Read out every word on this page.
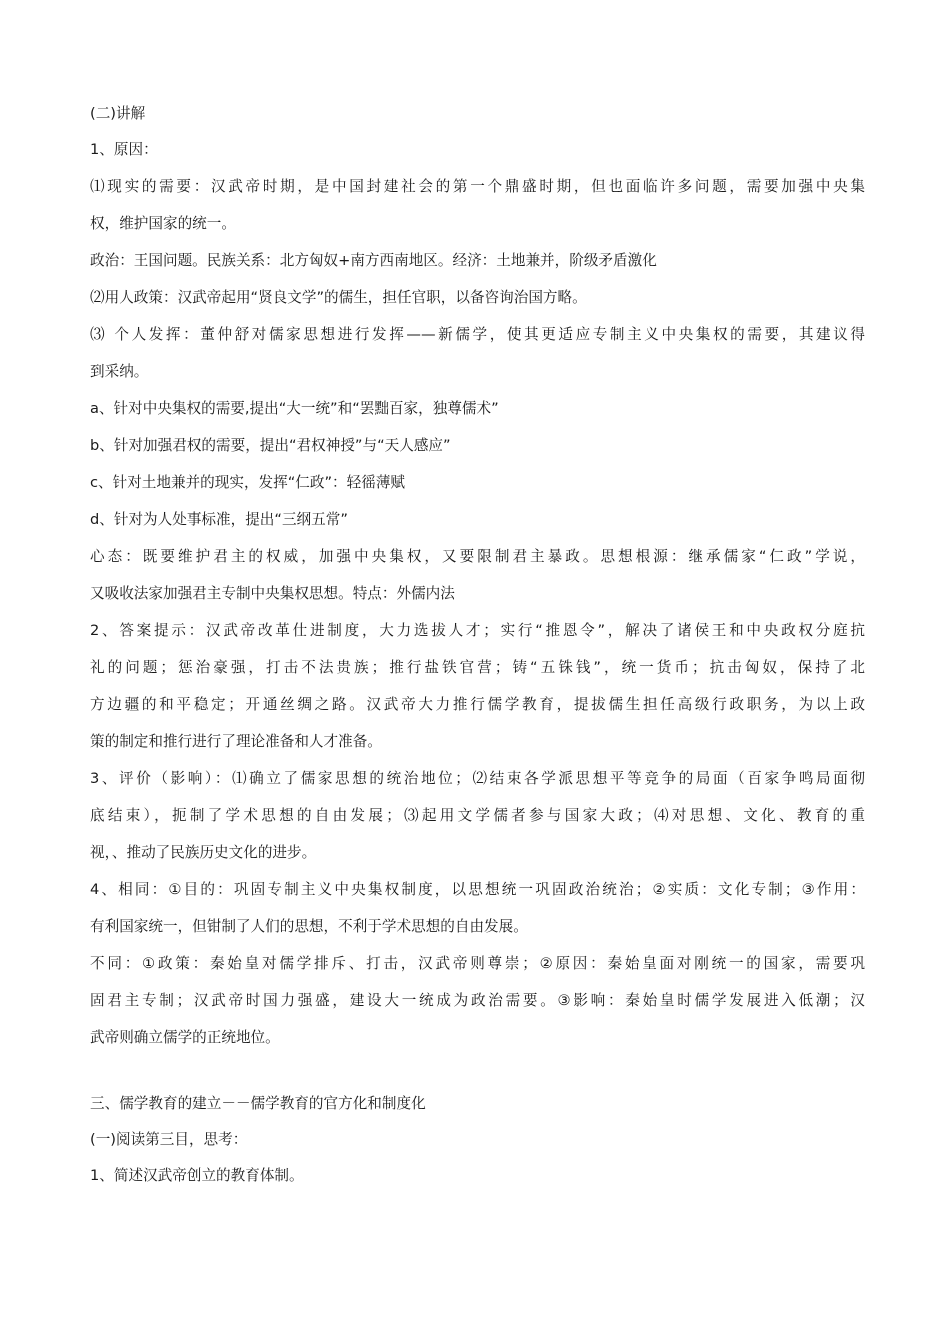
(二)讲解
1、原因：
⑴现实的需要：汉武帝时期，是中国封建社会的第一个鼎盛时期，但也面临许多问题，需要加强中央集
权，维护国家的统一。
政治：王国问题。民族关系：北方匈奴+南方西南地区。经济：土地兼并，阶级矛盾激化
⑵用人政策：汉武帝起用“贤良文学”的儒生，担任官职，以备咨询治国方略。
⑶ 个人发挥：董仲舒对儒家思想进行发挥——新儒学，使其更适应专制主义中央集权的需要，其建议得
到采纳。
a、针对中央集权的需要,提出“大一统”和“罢黜百家，独尊儒术”
b、针对加强君权的需要，提出“君权神授”与“天人感应”
c、针对土地兼并的现实，发挥“仁政”：轻徭薄赋
d、针对为人处事标准，提出“三纲五常”
心态：既要维护君主的权威，加强中央集权，又要限制君主暴政。思想根源：继承儒家“仁政”学说，
又吸收法家加强君主专制中央集权思想。特点：外儒内法
2、答案提示：汉武帝改革仕进制度，大力选拔人才；实行“推恩令”，解决了诸侯王和中央政权分庭抗
礼的问题；惩治豪强，打击不法贵族；推行盐铁官营；铸“五铢钱”，统一货币；抗击匈奴，保持了北
方边疆的和平稳定；开通丝绸之路。汉武帝大力推行儒学教育，提拔儒生担任高级行政职务，为以上政
策的制定和推行进行了理论准备和人才准备。
3、评价（影响）：⑴确立了儒家思想的统治地位；⑵结束各学派思想平等竞争的局面（百家争鸣局面彻
底结束），扼制了学术思想的自由发展；⑶起用文学儒者参与国家大政；⑷对思想、文化、教育的重
视，、推动了民族历史文化的进步。
4、相同：①目的：巩固专制主义中央集权制度，以思想统一巩固政治统治；②实质：文化专制；③作用：
有利国家统一，但钳制了人们的思想，不利于学术思想的自由发展。
不同：①政策：秦始皇对儒学排斥、打击，汉武帝则尊崇；②原因：秦始皇面对刚统一的国家，需要巩
固君主专制；汉武帝时国力强盛，建设大一统成为政治需要。③影响：秦始皇时儒学发展进入低潮；汉
武帝则确立儒学的正统地位。
三、儒学教育的建立－－儒学教育的官方化和制度化
(一)阅读第三目，思考：
1、简述汉武帝创立的教育体制。
